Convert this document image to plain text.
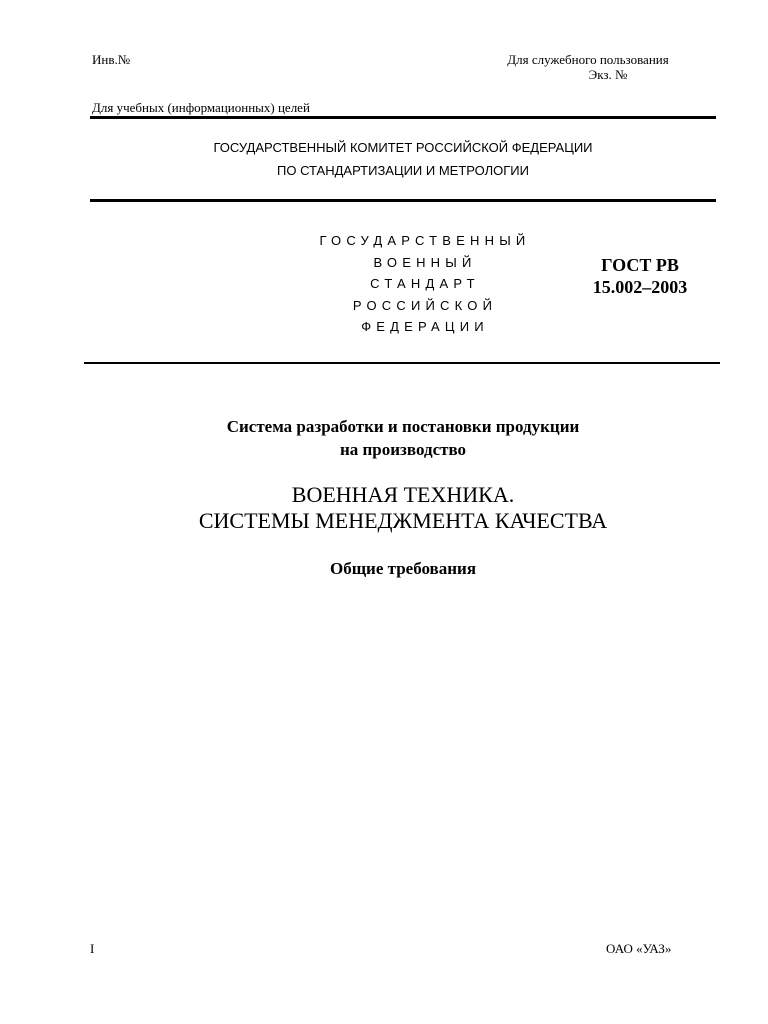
Инв.№	Для служебного пользования
Экз. №
Для учебных (информационных) целей
ГОСУДАРСТВЕННЫЙ КОМИТЕТ РОССИЙСКОЙ ФЕДЕРАЦИИ
ПО СТАНДАРТИЗАЦИИ И МЕТРОЛОГИИ
ГОСУДАРСТВЕННЫЙ
ВОЕННЫЙ
СТАНДАРТ
РОССИЙСКОЙ
ФЕДЕРАЦИИ
ГОСТ РВ
15.002–2003
Система разработки и постановки продукции
на производство
ВОЕННАЯ ТЕХНИКА.
СИСТЕМЫ МЕНЕДЖМЕНТА КАЧЕСТВА
Общие требования
I	ОАО «УАЗ»
